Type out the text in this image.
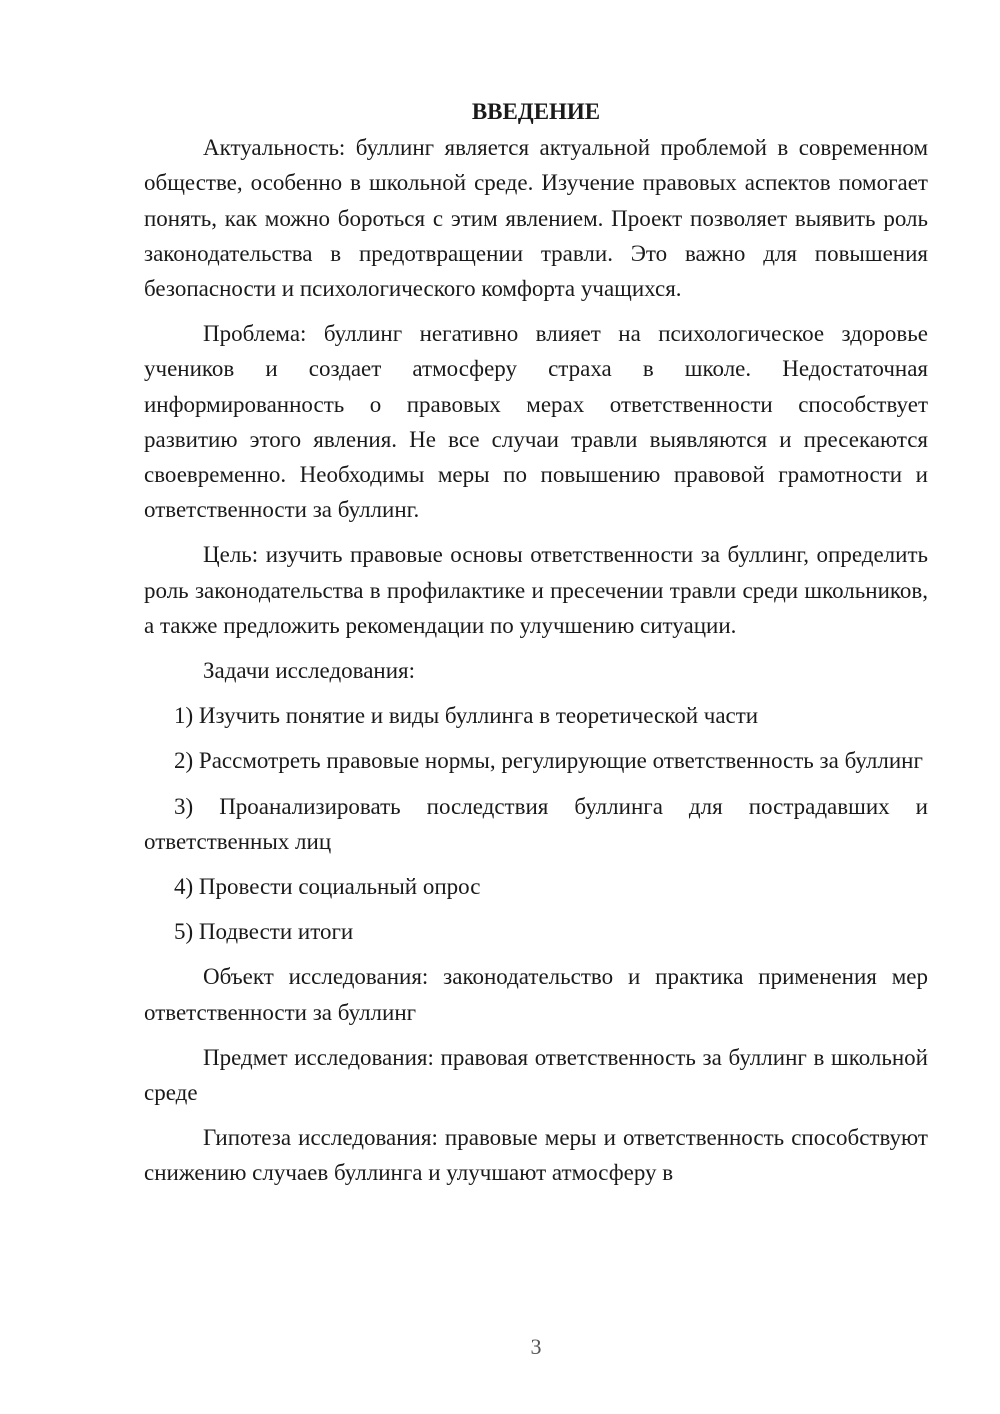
ВВЕДЕНИЕ

Актуальность: буллинг является актуальной проблемой в современном обществе, особенно в школьной среде. Изучение правовых аспектов помогает понять, как можно бороться с этим явлением. Проект позволяет выявить роль законодательства в предотвращении травли. Это важно для повышения безопасности и психологического комфорта учащихся.

Проблема: буллинг негативно влияет на психологическое здоровье учеников и создает атмосферу страха в школе. Недостаточная информированность о правовых мерах ответственности способствует развитию этого явления. Не все случаи травли выявляются и пресекаются своевременно. Необходимы меры по повышению правовой грамотности и ответственности за буллинг.

Цель: изучить правовые основы ответственности за буллинг, определить роль законодательства в профилактике и пресечении травли среди школьников, а также предложить рекомендации по улучшению ситуации.

Задачи исследования:

1) Изучить понятие и виды буллинга в теоретической части

2) Рассмотреть правовые нормы, регулирующие ответственность за буллинг

3) Проанализировать последствия буллинга для пострадавших и ответственных лиц

4) Провести социальный опрос

5) Подвести итоги

Объект исследования: законодательство и практика применения мер ответственности за буллинг

Предмет исследования: правовая ответственность за буллинг в школьной среде

Гипотеза исследования: правовые меры и ответственность способствуют снижению случаев буллинга и улучшают атмосферу в

3
